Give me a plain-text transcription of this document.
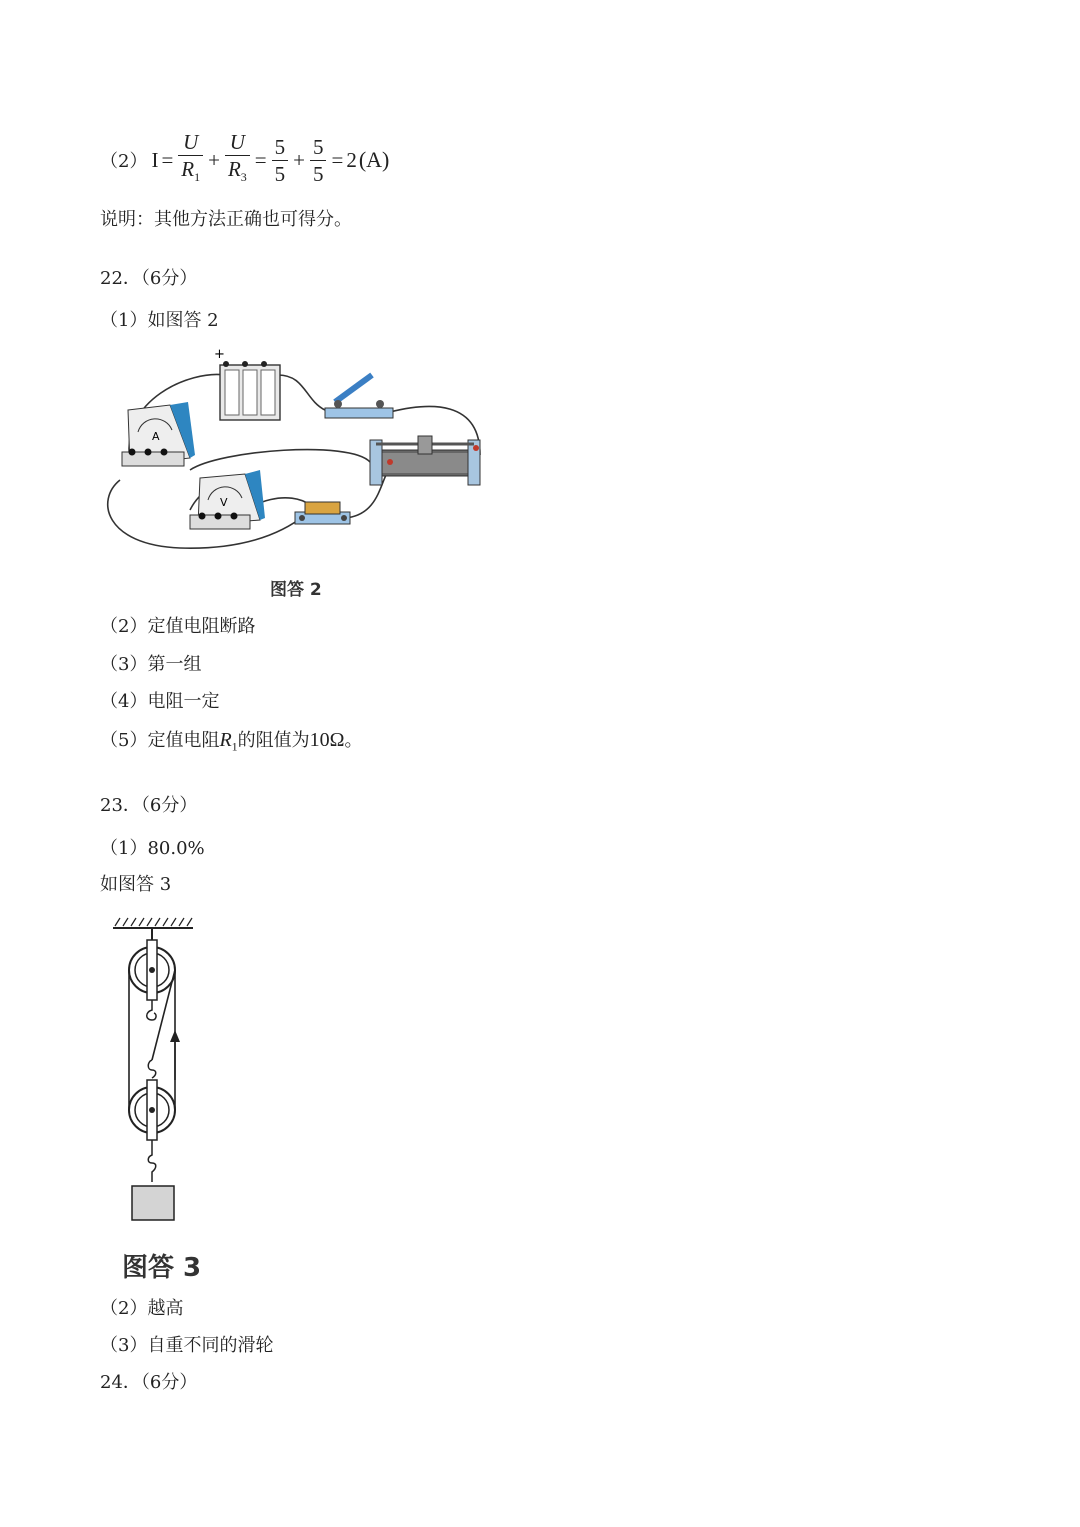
（2） $I = \frac{U}{R_1} + \frac{U}{R_3} = \frac{5}{5} + \frac{5}{5} = 2$ (A)
说明：其他方法正确也可得分。
22．（6分）
（1）如图答 2
+
A
V
图答 2
（2）定值电阻断路
（3）第一组
（4）电阻一定
（5）定值电阻$R_1$的阻值为10Ω。
23．（6分）
（1）80.0%
如图答 3
图答 3
（2）越高
（3）自重不同的滑轮
24．（6分）
